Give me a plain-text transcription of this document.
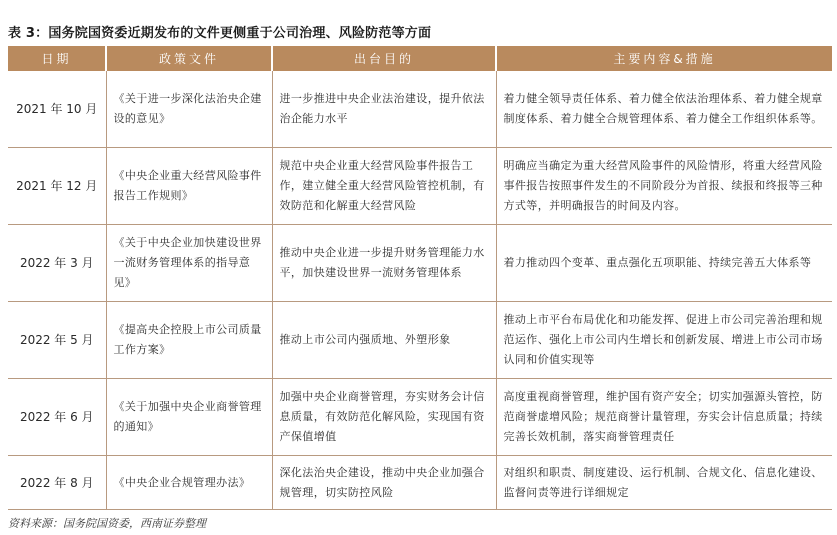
表 3：国务院国资委近期发布的文件更侧重于公司治理、风险防范等方面
日期	政策文件	出台目的	主要内容&措施
2021 年 10 月	《关于进一步深化法治央企建设的意见》	进一步推进中央企业法治建设，提升依法治企能力水平	着力健全领导责任体系、着力健全依法治理体系、着力健全规章制度体系、着力健全合规管理体系、着力健全工作组织体系等。
2021 年 12 月	《中央企业重大经营风险事件报告工作规则》	规范中央企业重大经营风险事件报告工作，建立健全重大经营风险管控机制，有效防范和化解重大经营风险	明确应当确定为重大经营风险事件的风险情形，将重大经营风险事件报告按照事件发生的不同阶段分为首报、续报和终报等三种方式等，并明确报告的时间及内容。
2022 年 3 月	《关于中央企业加快建设世界一流财务管理体系的指导意见》	推动中央企业进一步提升财务管理能力水平，加快建设世界一流财务管理体系	着力推动四个变革、重点强化五项职能、持续完善五大体系等
2022 年 5 月	《提高央企控股上市公司质量工作方案》	推动上市公司内强质地、外塑形象	推动上市平台布局优化和功能发挥、促进上市公司完善治理和规范运作、强化上市公司内生增长和创新发展、增进上市公司市场认同和价值实现等
2022 年 6 月	《关于加强中央企业商誉管理的通知》	加强中央企业商誉管理，夯实财务会计信息质量，有效防范化解风险，实现国有资产保值增值	高度重视商誉管理，维护国有资产安全；切实加强源头管控，防范商誉虚增风险；规范商誉计量管理，夯实会计信息质量；持续完善长效机制，落实商誉管理责任
2022 年 8 月	《中央企业合规管理办法》	深化法治央企建设，推动中央企业加强合规管理，切实防控风险	对组织和职责、制度建设、运行机制、合规文化、信息化建设、监督问责等进行详细规定
资料来源：国务院国资委，西南证券整理
